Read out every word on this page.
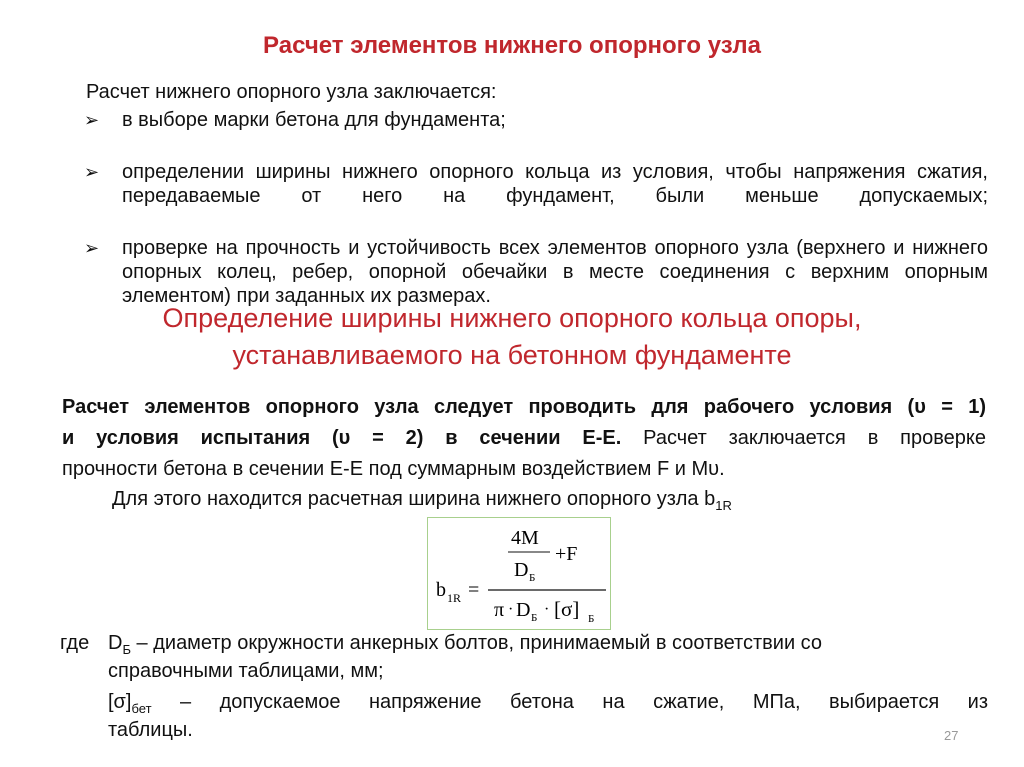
Расчет элементов нижнего опорного узла
Расчет нижнего опорного узла заключается:
➢ в выборе марки бетона для фундамента;
➢ определении ширины нижнего опорного кольца из условия, чтобы напряжения сжатия, передаваемые от него на фундамент, были меньше допускаемых;
➢ проверке на прочность и устойчивость всех элементов опорного узла (верхнего и нижнего опорных колец, ребер, опорной обечайки в месте соединения с верхним опорным элементом) при заданных их размерах.
Определение ширины нижнего опорного кольца опоры,
устанавливаемого на бетонном фундаменте
Расчет элементов опорного узла следует проводить для рабочего условия (υ = 1)
и условия испытания (υ = 2) в сечении Е-Е. Расчет заключается в проверке
прочности бетона в сечении Е-Е под суммарным воздействием F и Mυ.
Для этого находится расчетная ширина нижнего опорного узла $b_{1R}$
b 1R =
4M
D Б
+F
π · D Б · [σ] Б
где $D_Б$ – диаметр окружности анкерных болтов, принимаемый в соответствии со
справочными таблицами, мм;
$[\sigma]_{бет}$ – допускаемое напряжение бетона на сжатие, МПа, выбирается из
таблицы.	27
